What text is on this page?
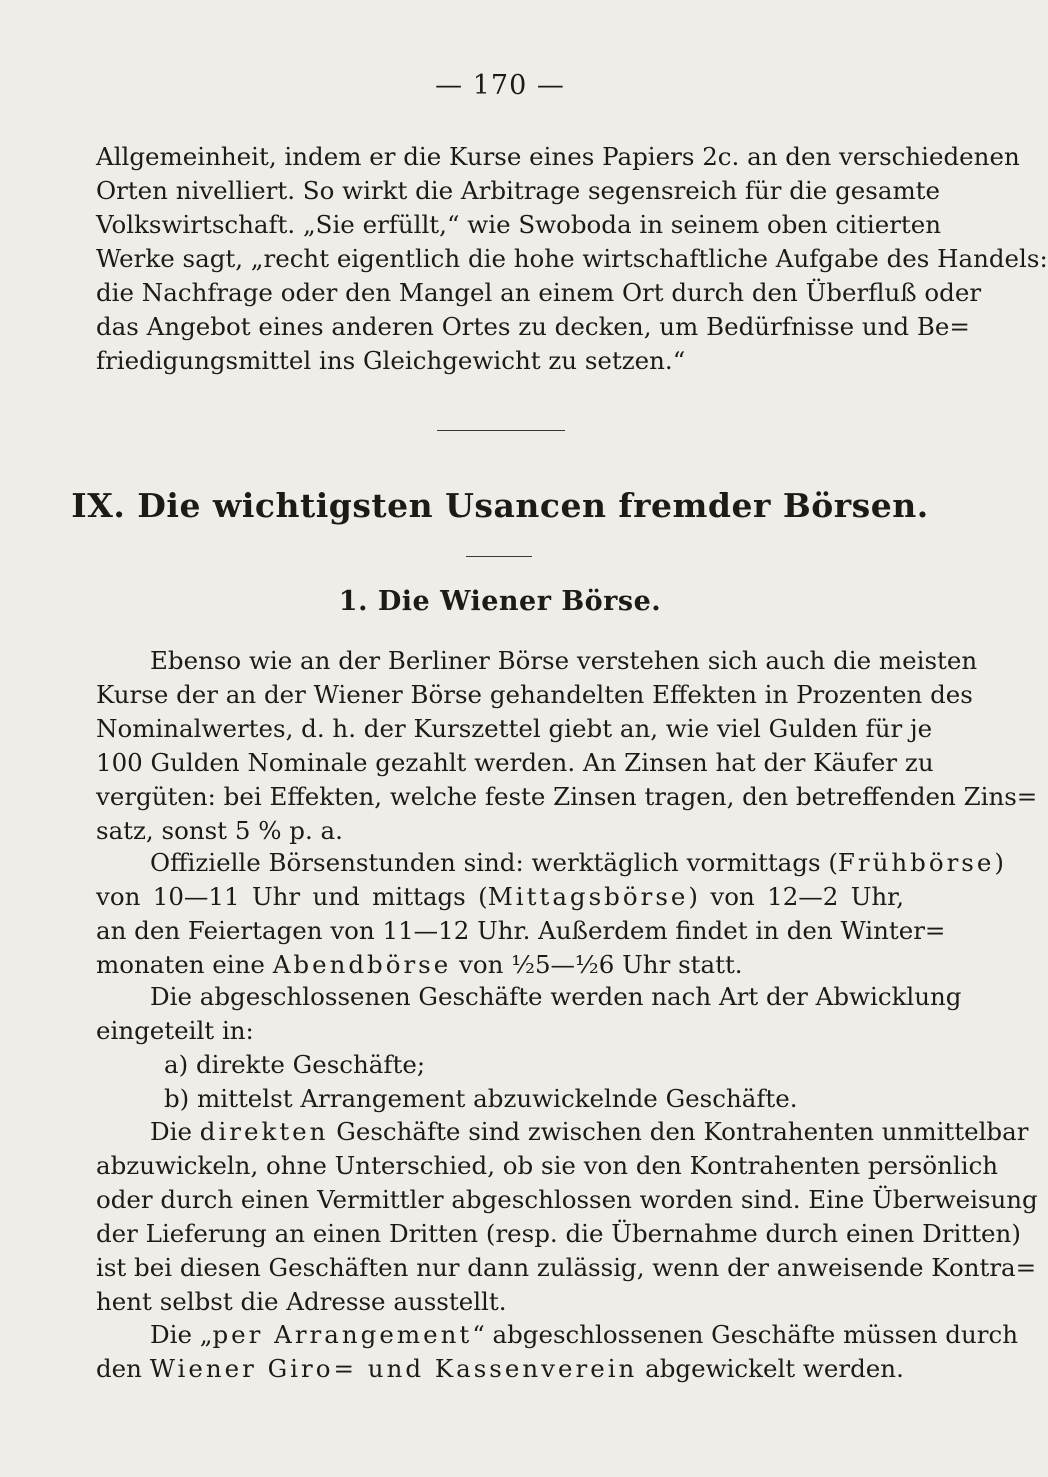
— 170 —
Allgemeinheit, indem er die Kurse eines Papiers 2c. an den verschiedenen
Orten nivelliert. So wirkt die Arbitrage segensreich für die gesamte
Volkswirtschaft. „Sie erfüllt,“ wie Swoboda in seinem oben citierten
Werke sagt, „recht eigentlich die hohe wirtschaftliche Aufgabe des Handels:
die Nachfrage oder den Mangel an einem Ort durch den Überfluß oder
das Angebot eines anderen Ortes zu decken, um Bedürfnisse und Be=
friedigungsmittel ins Gleichgewicht zu setzen.“
IX. Die wichtigsten Usancen fremder Börsen.
1. Die Wiener Börse.
Ebenso wie an der Berliner Börse verstehen sich auch die meisten
Kurse der an der Wiener Börse gehandelten Effekten in Prozenten des
Nominalwertes, d. h. der Kurszettel giebt an, wie viel Gulden für je
100 Gulden Nominale gezahlt werden. An Zinsen hat der Käufer zu
vergüten: bei Effekten, welche feste Zinsen tragen, den betreffenden Zins=
satz, sonst 5 % p. a.
Offizielle Börsenstunden sind: werktäglich vormittags (Frühbörse)
von 10—11 Uhr und mittags (Mittagsbörse) von 12—2 Uhr,
an den Feiertagen von 11—12 Uhr. Außerdem findet in den Winter=
monaten eine Abendbörse von ½5—½6 Uhr statt.
Die abgeschlossenen Geschäfte werden nach Art der Abwicklung
eingeteilt in:
a) direkte Geschäfte;
b) mittelst Arrangement abzuwickelnde Geschäfte.
Die direkten Geschäfte sind zwischen den Kontrahenten unmittelbar
abzuwickeln, ohne Unterschied, ob sie von den Kontrahenten persönlich
oder durch einen Vermittler abgeschlossen worden sind. Eine Überweisung
der Lieferung an einen Dritten (resp. die Übernahme durch einen Dritten)
ist bei diesen Geschäften nur dann zulässig, wenn der anweisende Kontra=
hent selbst die Adresse ausstellt.
Die „per Arrangement“ abgeschlossenen Geschäfte müssen durch
den Wiener Giro= und Kassenverein abgewickelt werden.
